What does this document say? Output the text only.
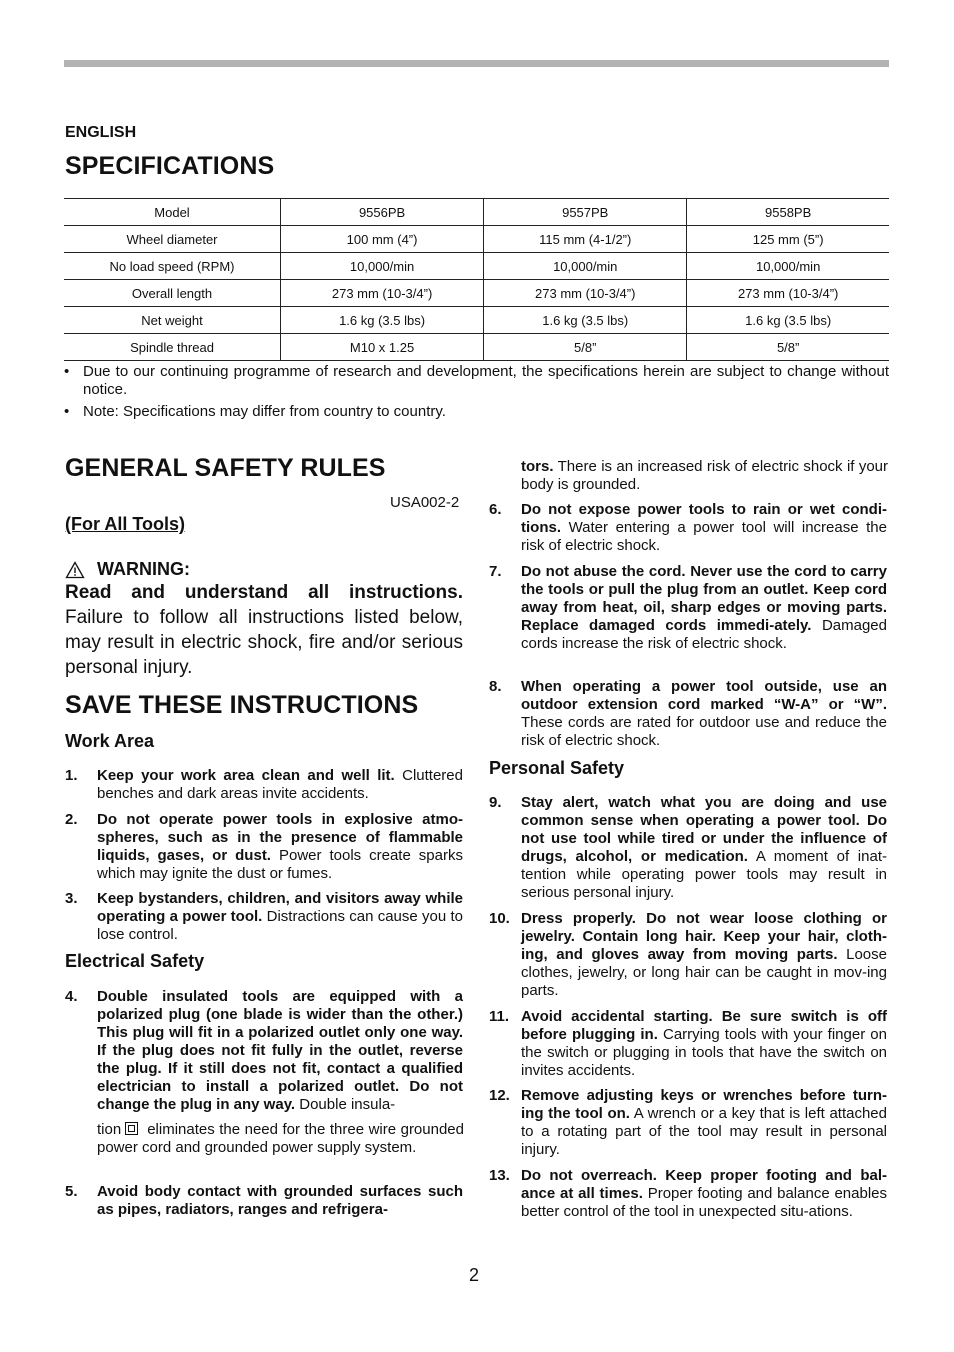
ENGLISH
SPECIFICATIONS
Model	9556PB	9557PB	9558PB
Wheel diameter	100 mm (4”)	115 mm (4-1/2”)	125 mm (5”)
No load speed (RPM)	10,000/min	10,000/min	10,000/min
Overall length	273 mm (10-3/4”)	273 mm (10-3/4”)	273 mm (10-3/4”)
Net weight	1.6 kg (3.5 lbs)	1.6 kg (3.5 lbs)	1.6 kg (3.5 lbs)
Spindle thread	M10 x 1.25	5/8”	5/8”
• Due to our continuing programme of research and development, the specifications herein are subject to change without notice.
• Note: Specifications may differ from country to country.
GENERAL SAFETY RULES
USA002-2
(For All Tools)
WARNING:
Read and understand all instructions. Failure to follow all instructions listed below, may result in electric shock, fire and/or serious personal injury.
SAVE THESE INSTRUCTIONS
Work Area
1. Keep your work area clean and well lit. Cluttered benches and dark areas invite accidents.
2. Do not operate power tools in explosive atmo-spheres, such as in the presence of flammable liquids, gases, or dust. Power tools create sparks which may ignite the dust or fumes.
3. Keep bystanders, children, and visitors away while operating a power tool. Distractions can cause you to lose control.
Electrical Safety
4. Double insulated tools are equipped with a polarized plug (one blade is wider than the other.) This plug will fit in a polarized outlet only one way. If the plug does not fit fully in the outlet, reverse the plug. If it still does not fit, contact a qualified electrician to install a polarized outlet. Do not change the plug in any way. Double insula-
tion eliminates the need for the three wire grounded power cord and grounded power supply system.
5. Avoid body contact with grounded surfaces such as pipes, radiators, ranges and refrigera-
tors. There is an increased risk of electric shock if your body is grounded.
6. Do not expose power tools to rain or wet condi-tions. Water entering a power tool will increase the risk of electric shock.
7. Do not abuse the cord. Never use the cord to carry the tools or pull the plug from an outlet. Keep cord away from heat, oil, sharp edges or moving parts. Replace damaged cords immedi-ately. Damaged cords increase the risk of electric shock.
8. When operating a power tool outside, use an outdoor extension cord marked “W-A” or “W”. These cords are rated for outdoor use and reduce the risk of electric shock.
Personal Safety
9. Stay alert, watch what you are doing and use common sense when operating a power tool. Do not use tool while tired or under the influence of drugs, alcohol, or medication. A moment of inat-tention while operating power tools may result in serious personal injury.
10. Dress properly. Do not wear loose clothing or jewelry. Contain long hair. Keep your hair, cloth-ing, and gloves away from moving parts. Loose clothes, jewelry, or long hair can be caught in mov-ing parts.
11. Avoid accidental starting. Be sure switch is off before plugging in. Carrying tools with your finger on the switch or plugging in tools that have the switch on invites accidents.
12. Remove adjusting keys or wrenches before turn-ing the tool on. A wrench or a key that is left attached to a rotating part of the tool may result in personal injury.
13. Do not overreach. Keep proper footing and bal-ance at all times. Proper footing and balance enables better control of the tool in unexpected situ-ations.
2
